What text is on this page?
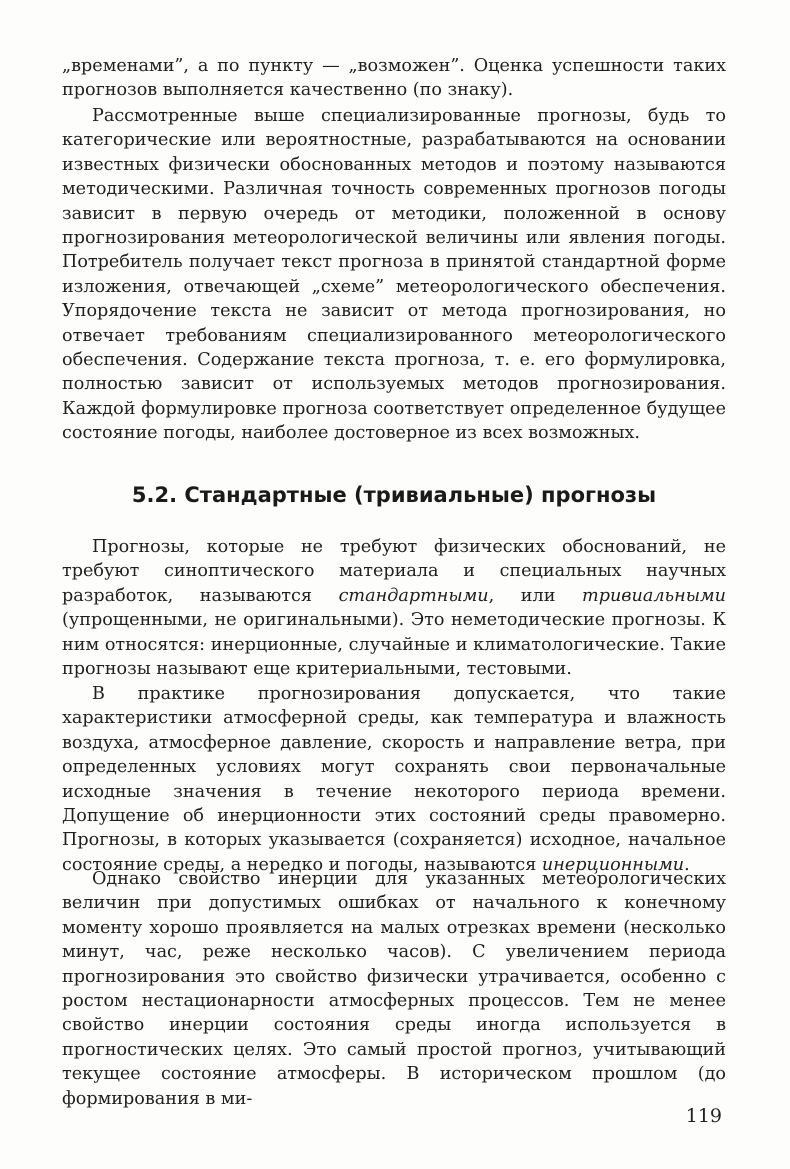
„временами”, а по пункту — „возможен”. Оценка успешности таких прогнозов выполняется качественно (по знаку).

Рассмотренные выше специализированные прогнозы, будь то категорические или вероятностные, разрабатываются на основании известных физически обоснованных методов и поэтому называются методическими. Различная точность современных прогнозов погоды зависит в первую очередь от методики, положенной в основу прогнозирования метеорологической величины или явления погоды. Потребитель получает текст прогноза в принятой стандартной форме изложения, отвечающей „схеме” метеорологического обеспечения. Упорядочение текста не зависит от метода прогнозирования, но отвечает требованиям специализированного метеорологического обеспечения. Содержание текста прогноза, т. е. его формулировка, полностью зависит от используемых методов прогнозирования. Каждой формулировке прогноза соответствует определенное будущее состояние погоды, наиболее достоверное из всех возможных.

5.2. Стандартные (тривиальные) прогнозы

Прогнозы, которые не требуют физических обоснований, не требуют синоптического материала и специальных научных разработок, называются стандартными, или тривиальными (упрощенными, не оригинальными). Это неметодические прогнозы. К ним относятся: инерционные, случайные и климатологические. Такие прогнозы называют еще критериальными, тестовыми.

В практике прогнозирования допускается, что такие характеристики атмосферной среды, как температура и влажность воздуха, атмосферное давление, скорость и направление ветра, при определенных условиях могут сохранять свои первоначальные исходные значения в течение некоторого периода времени. Допущение об инерционности этих состояний среды правомерно. Прогнозы, в которых указывается (сохраняется) исходное, начальное состояние среды, а нередко и погоды, называются инерционными.

Однако свойство инерции для указанных метеорологических величин при допустимых ошибках от начального к конечному моменту хорошо проявляется на малых отрезках времени (несколько минут, час, реже несколько часов). С увеличением периода прогнозирования это свойство физически утрачивается, особенно с ростом нестационарности атмосферных процессов. Тем не менее свойство инерции состояния среды иногда используется в прогностических целях. Это самый простой прогноз, учитывающий текущее состояние атмосферы. В историческом прошлом (до формирования в ми-

119
